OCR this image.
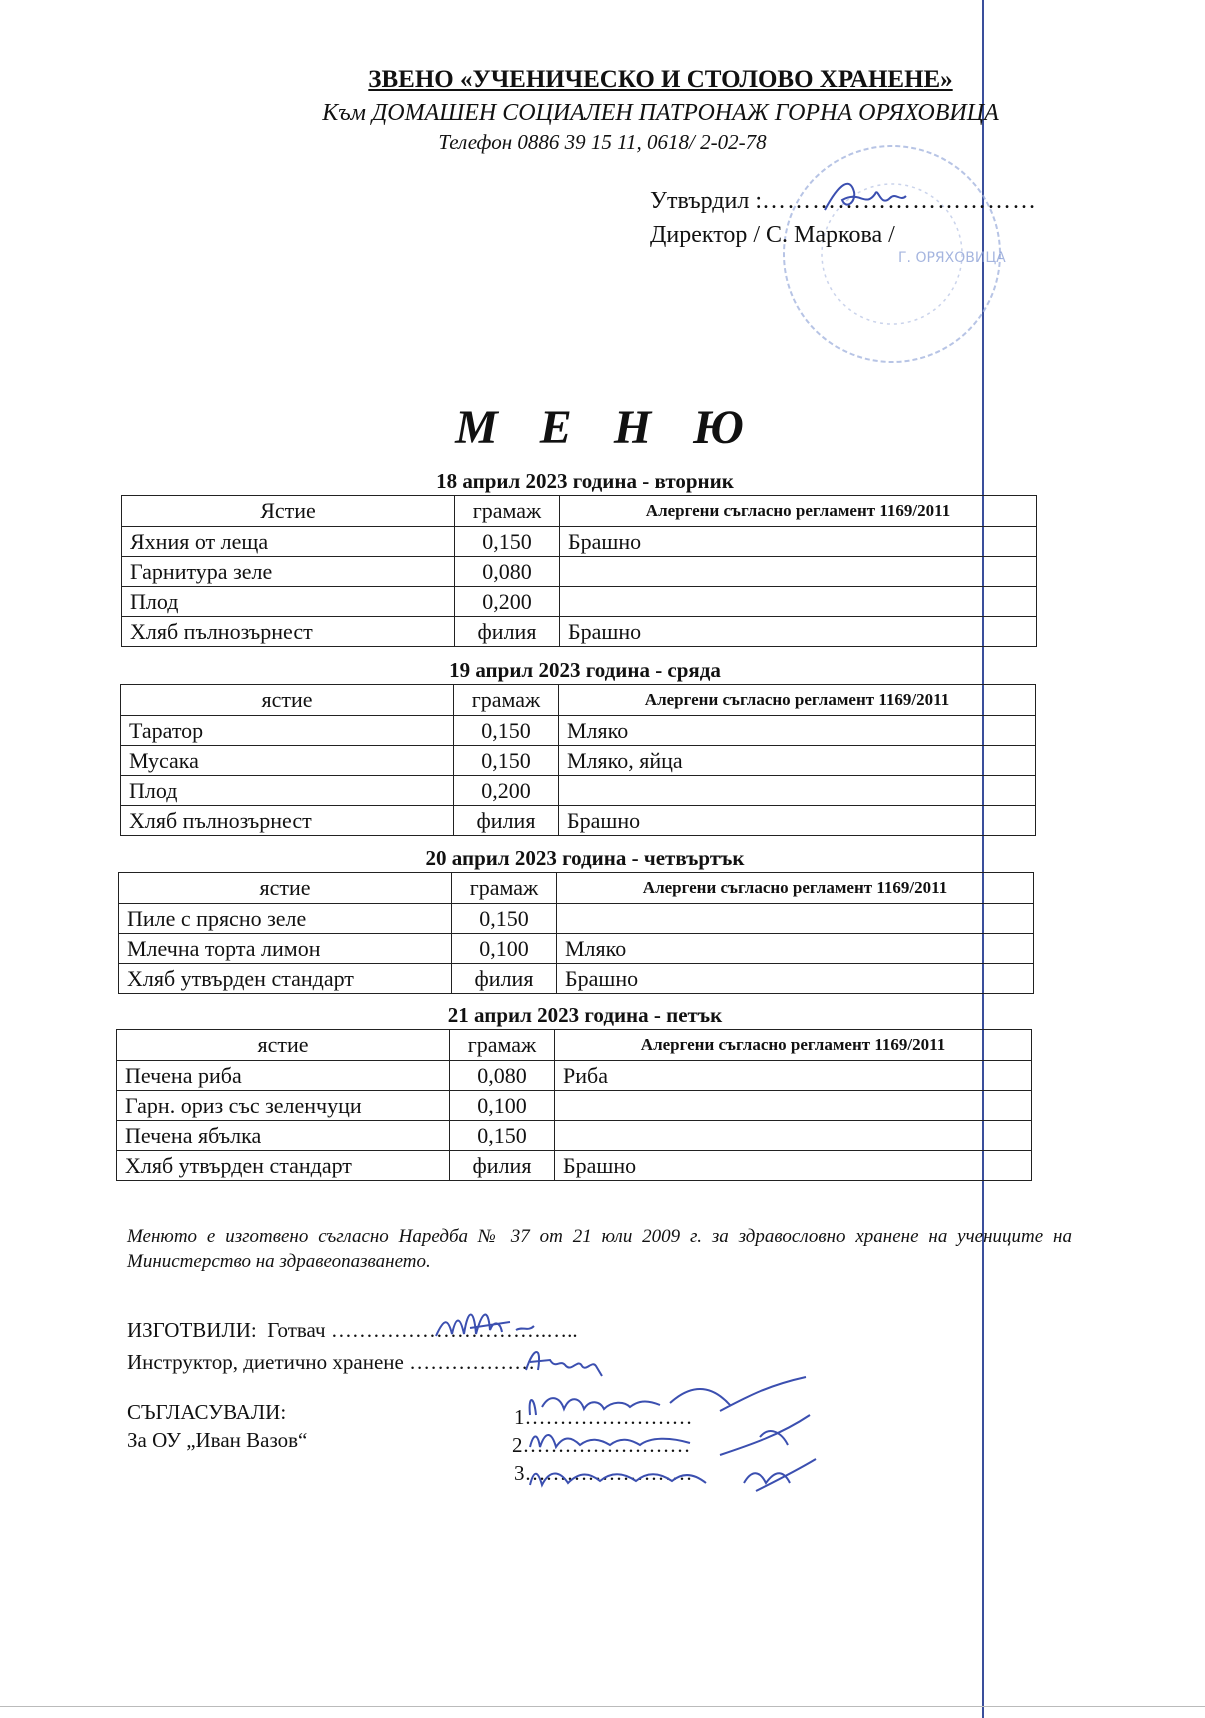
ЗВЕНО «УЧЕНИЧЕСКО И СТОЛОВО ХРАНЕНЕ»
Към ДОМАШЕН СОЦИАЛЕН ПАТРОНАЖ ГОРНА ОРЯХОВИЦА
Телефон 0886 39 15 11, 0618/ 2-02-78
Г. ОРЯХОВИЦА
Утвърдил :……………………………
Директор / С. Маркова /
М Е Н Ю
18 април 2023 година - вторник
Ястие	грамаж	Алергени съгласно регламент 1169/2011
Яхния от леща	0,150	Брашно
Гарнитура зеле	0,080	
Плод	0,200	
Хляб пълнозърнест	филия	Брашно
19 април 2023 година - сряда
ястие	грамаж	Алергени съгласно регламент 1169/2011
Таратор	0,150	Мляко
Мусака	0,150	Мляко, яйца
Плод	0,200	
Хляб пълнозърнест	филия	Брашно
20 април 2023 година - четвъртък
ястие	грамаж	Алергени съгласно регламент 1169/2011
Пиле с прясно зеле	0,150	
Млечна торта лимон	0,100	Мляко
Хляб утвърден стандарт	филия	Брашно
21 април 2023 година - петък
ястие	грамаж	Алергени съгласно регламент 1169/2011
Печена риба	0,080	Риба
Гарн. ориз със зеленчуци	0,100	
Печена ябълка	0,150	
Хляб утвърден стандарт	филия	Брашно
Менюто е изготвено съгласно Наредба № 37 от 21 юли 2009 г. за здравословно хранене на учениците на Министерство на здравеопазването.
ИЗГОТВИЛИ: Готвач ………………………….…..
Инструктор, диетично хранене ………………
СЪГЛАСУВАЛИ:
За ОУ „Иван Вазов“
1……………………
2……………………
3……………………
